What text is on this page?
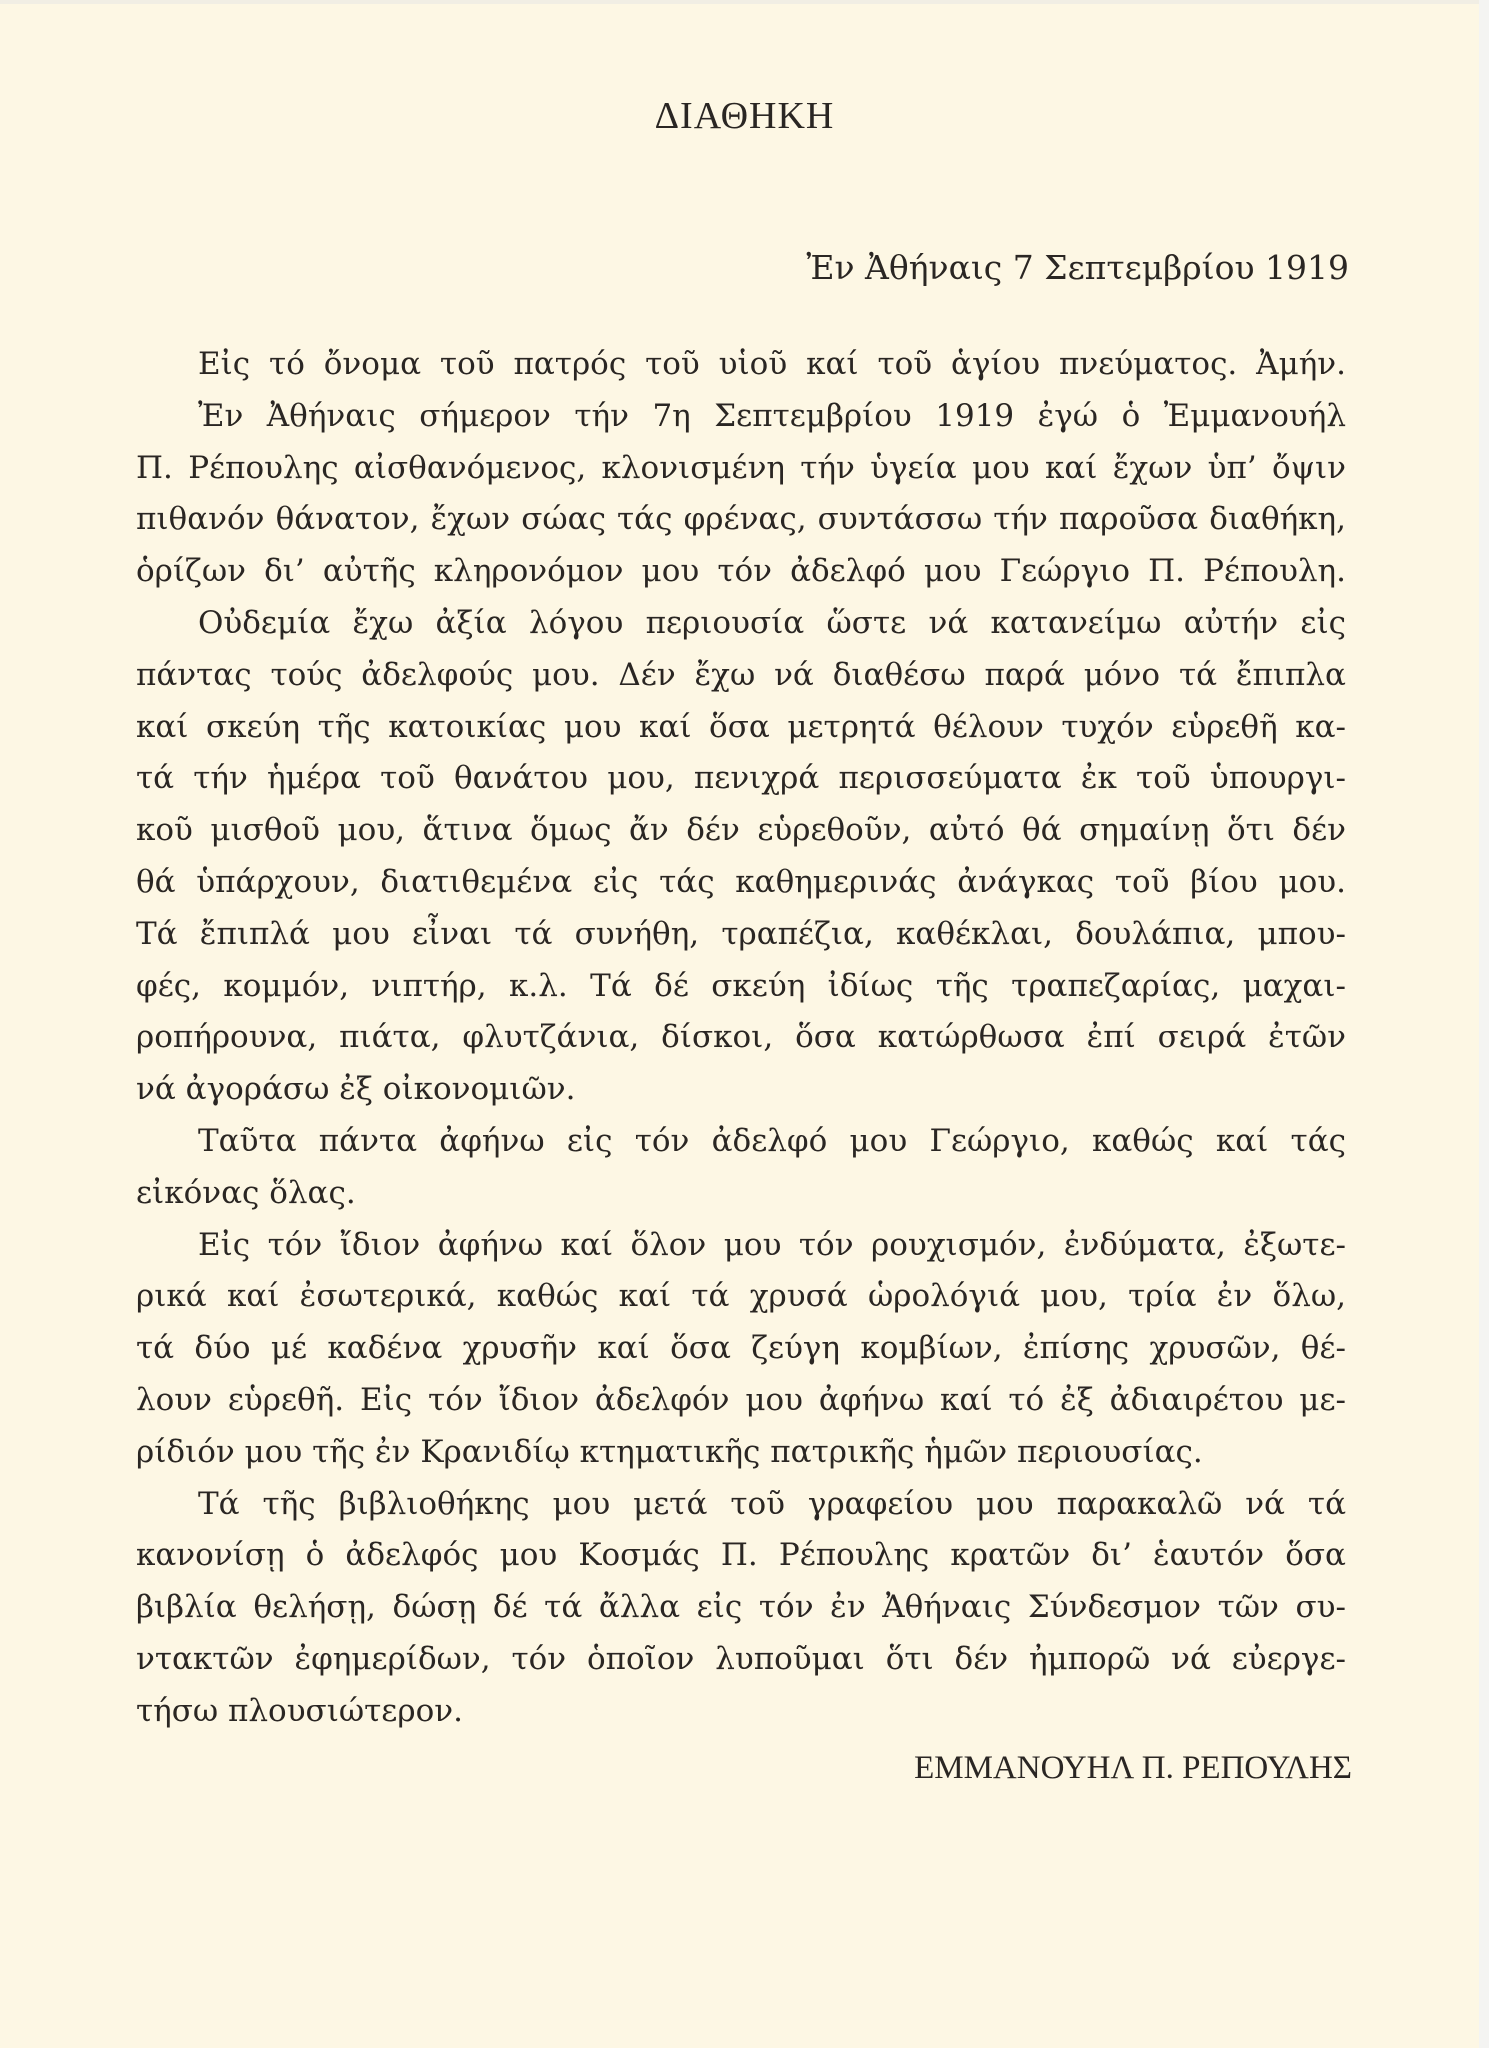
ΔΙΑΘΗΚΗ
Ἐν Ἀθήναις 7 Σεπτεμβρίου 1919
Εἰς τό ὄνομα τοῦ πατρός τοῦ υἱοῦ καί τοῦ ἁγίου πνεύματος. Ἀμήν.
Ἐν Ἀθήναις σήμερον τήν 7η Σεπτεμβρίου 1919 ἐγώ ὁ Ἐμμανουήλ
Π. Ρέπουλης αἰσθανόμενος, κλονισμένη τήν ὑγεία μου καί ἔχων ὑπ’ ὄψιν
πιθανόν θάνατον, ἔχων σώας τάς φρένας, συντάσσω τήν παροῦσα διαθήκη,
ὁρίζων δι’ αὐτῆς κληρονόμον μου τόν ἀδελφό μου Γεώργιο Π. Ρέπουλη.
Οὐδεμία ἔχω ἀξία λόγου περιουσία ὥστε νά κατανείμω αὐτήν εἰς
πάντας τούς ἀδελφούς μου. Δέν ἔχω νά διαθέσω παρά μόνο τά ἔπιπλα
καί σκεύη τῆς κατοικίας μου καί ὅσα μετρητά θέλουν τυχόν εὑρεθῆ κα-
τά τήν ἡμέρα τοῦ θανάτου μου, πενιχρά περισσεύματα ἐκ τοῦ ὑπουργι-
κοῦ μισθοῦ μου, ἅτινα ὅμως ἄν δέν εὑρεθοῦν, αὐτό θά σημαίνῃ ὅτι δέν
θά ὑπάρχουν, διατιθεμένα εἰς τάς καθημερινάς ἀνάγκας τοῦ βίου μου.
Τά ἔπιπλά μου εἶναι τά συνήθη, τραπέζια, καθέκλαι, δουλάπια, μπου-
φές, κομμόν, νιπτήρ, κ.λ. Τά δέ σκεύη ἰδίως τῆς τραπεζαρίας, μαχαι-
ροπήρουνα, πιάτα, φλυτζάνια, δίσκοι, ὅσα κατώρθωσα ἐπί σειρά ἐτῶν
νά ἀγοράσω ἐξ οἰκονομιῶν.
Ταῦτα πάντα ἀφήνω εἰς τόν ἀδελφό μου Γεώργιο, καθώς καί τάς
εἰκόνας ὅλας.
Εἰς τόν ἴδιον ἀφήνω καί ὅλον μου τόν ρουχισμόν, ἐνδύματα, ἐξωτε-
ρικά καί ἐσωτερικά, καθώς καί τά χρυσά ὡρολόγιά μου, τρία ἐν ὅλω,
τά δύο μέ καδένα χρυσῆν καί ὅσα ζεύγη κομβίων, ἐπίσης χρυσῶν, θέ-
λουν εὑρεθῆ. Εἰς τόν ἴδιον ἀδελφόν μου ἀφήνω καί τό ἐξ ἀδιαιρέτου με-
ρίδιόν μου τῆς ἐν Κρανιδίῳ κτηματικῆς πατρικῆς ἡμῶν περιουσίας.
Τά τῆς βιβλιοθήκης μου μετά τοῦ γραφείου μου παρακαλῶ νά τά
κανονίσῃ ὁ ἀδελφός μου Κοσμάς Π. Ρέπουλης κρατῶν δι’ ἑαυτόν ὅσα
βιβλία θελήσῃ, δώσῃ δέ τά ἄλλα εἰς τόν ἐν Ἀθήναις Σύνδεσμον τῶν συ-
ντακτῶν ἐφημερίδων, τόν ὁποῖον λυποῦμαι ὅτι δέν ἠμπορῶ νά εὐεργε-
τήσω πλουσιώτερον.
ΕΜΜΑΝΟΥΗΛ Π. ΡΕΠΟΥΛΗΣ
